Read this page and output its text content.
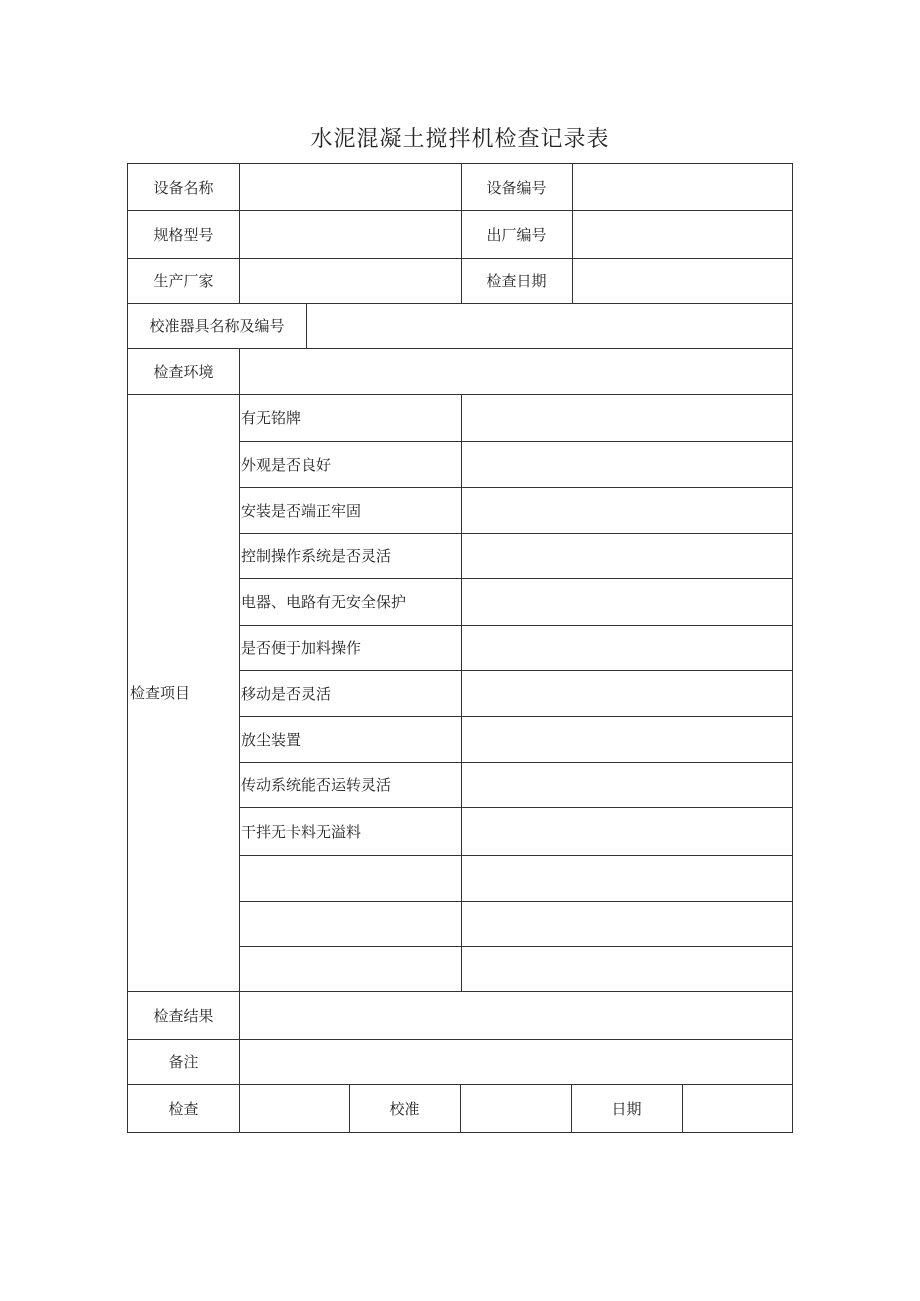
水泥混凝土搅拌机检查记录表
设备名称	设备编号
规格型号	出厂编号
生产厂家	检查日期
校准器具名称及编号
检查环境
检查项目
有无铭牌
外观是否良好
安装是否端正牢固
控制操作系统是否灵活
电器、电路有无安全保护
是否便于加料操作
移动是否灵活
放尘装置
传动系统能否运转灵活
干拌无卡料无溢料
检查结果
备注
检查	校准	日期
